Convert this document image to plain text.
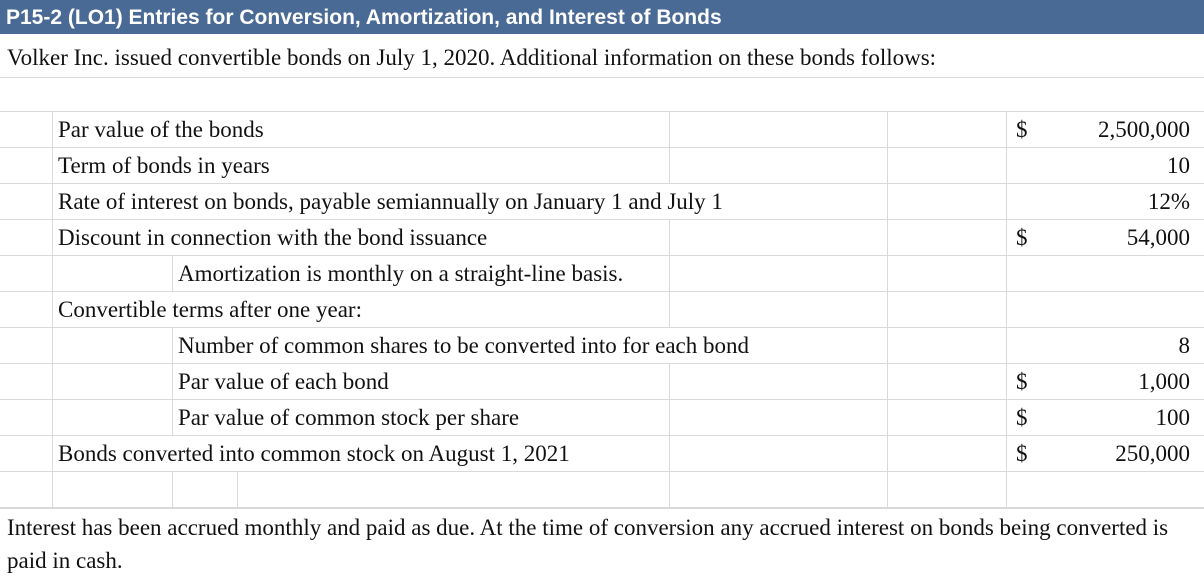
P15-2 (LO1) Entries for Conversion, Amortization, and Interest of Bonds
Volker Inc. issued convertible bonds on July 1, 2020. Additional information on these bonds follows:
Par value of the bonds	$	2,500,000
Term of bonds in years	10
Rate of interest on bonds, payable semiannually on January 1 and July 1	12%
Discount in connection with the bond issuance	$	54,000
Amortization is monthly on a straight-line basis.
Convertible terms after one year:
Number of common shares to be converted into for each bond	8
Par value of each bond	$	1,000
Par value of common stock per share	$	100
Bonds converted into common stock on August 1, 2021	$	250,000
Interest has been accrued monthly and paid as due. At the time of conversion any accrued interest on bonds being converted is paid in cash.
